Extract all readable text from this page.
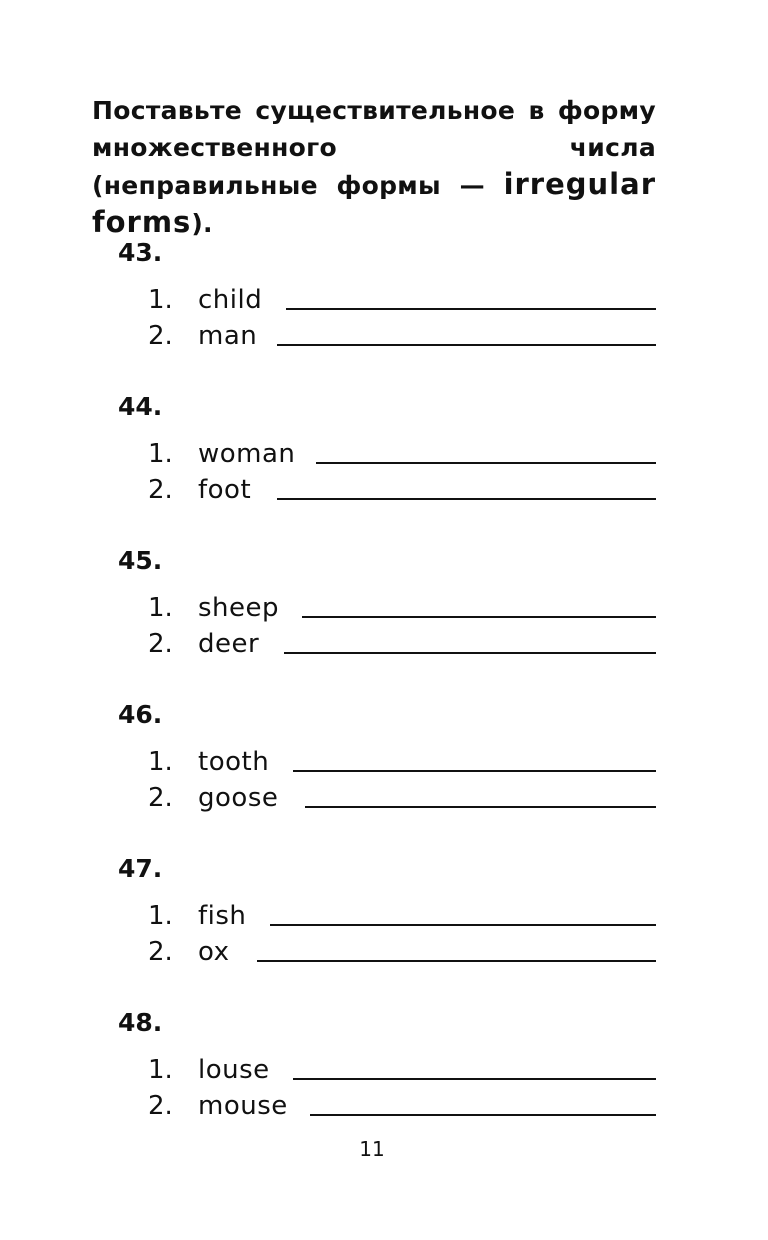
Поставьте существительное в форму множественного числа (неправильные формы — irregular forms).

43.
1. child
2. man
44.
1. woman
2. foot
45.
1. sheep
2. deer
46.
1. tooth
2. goose
47.
1. fish
2. ox
48.
1. louse
2. mouse
11
